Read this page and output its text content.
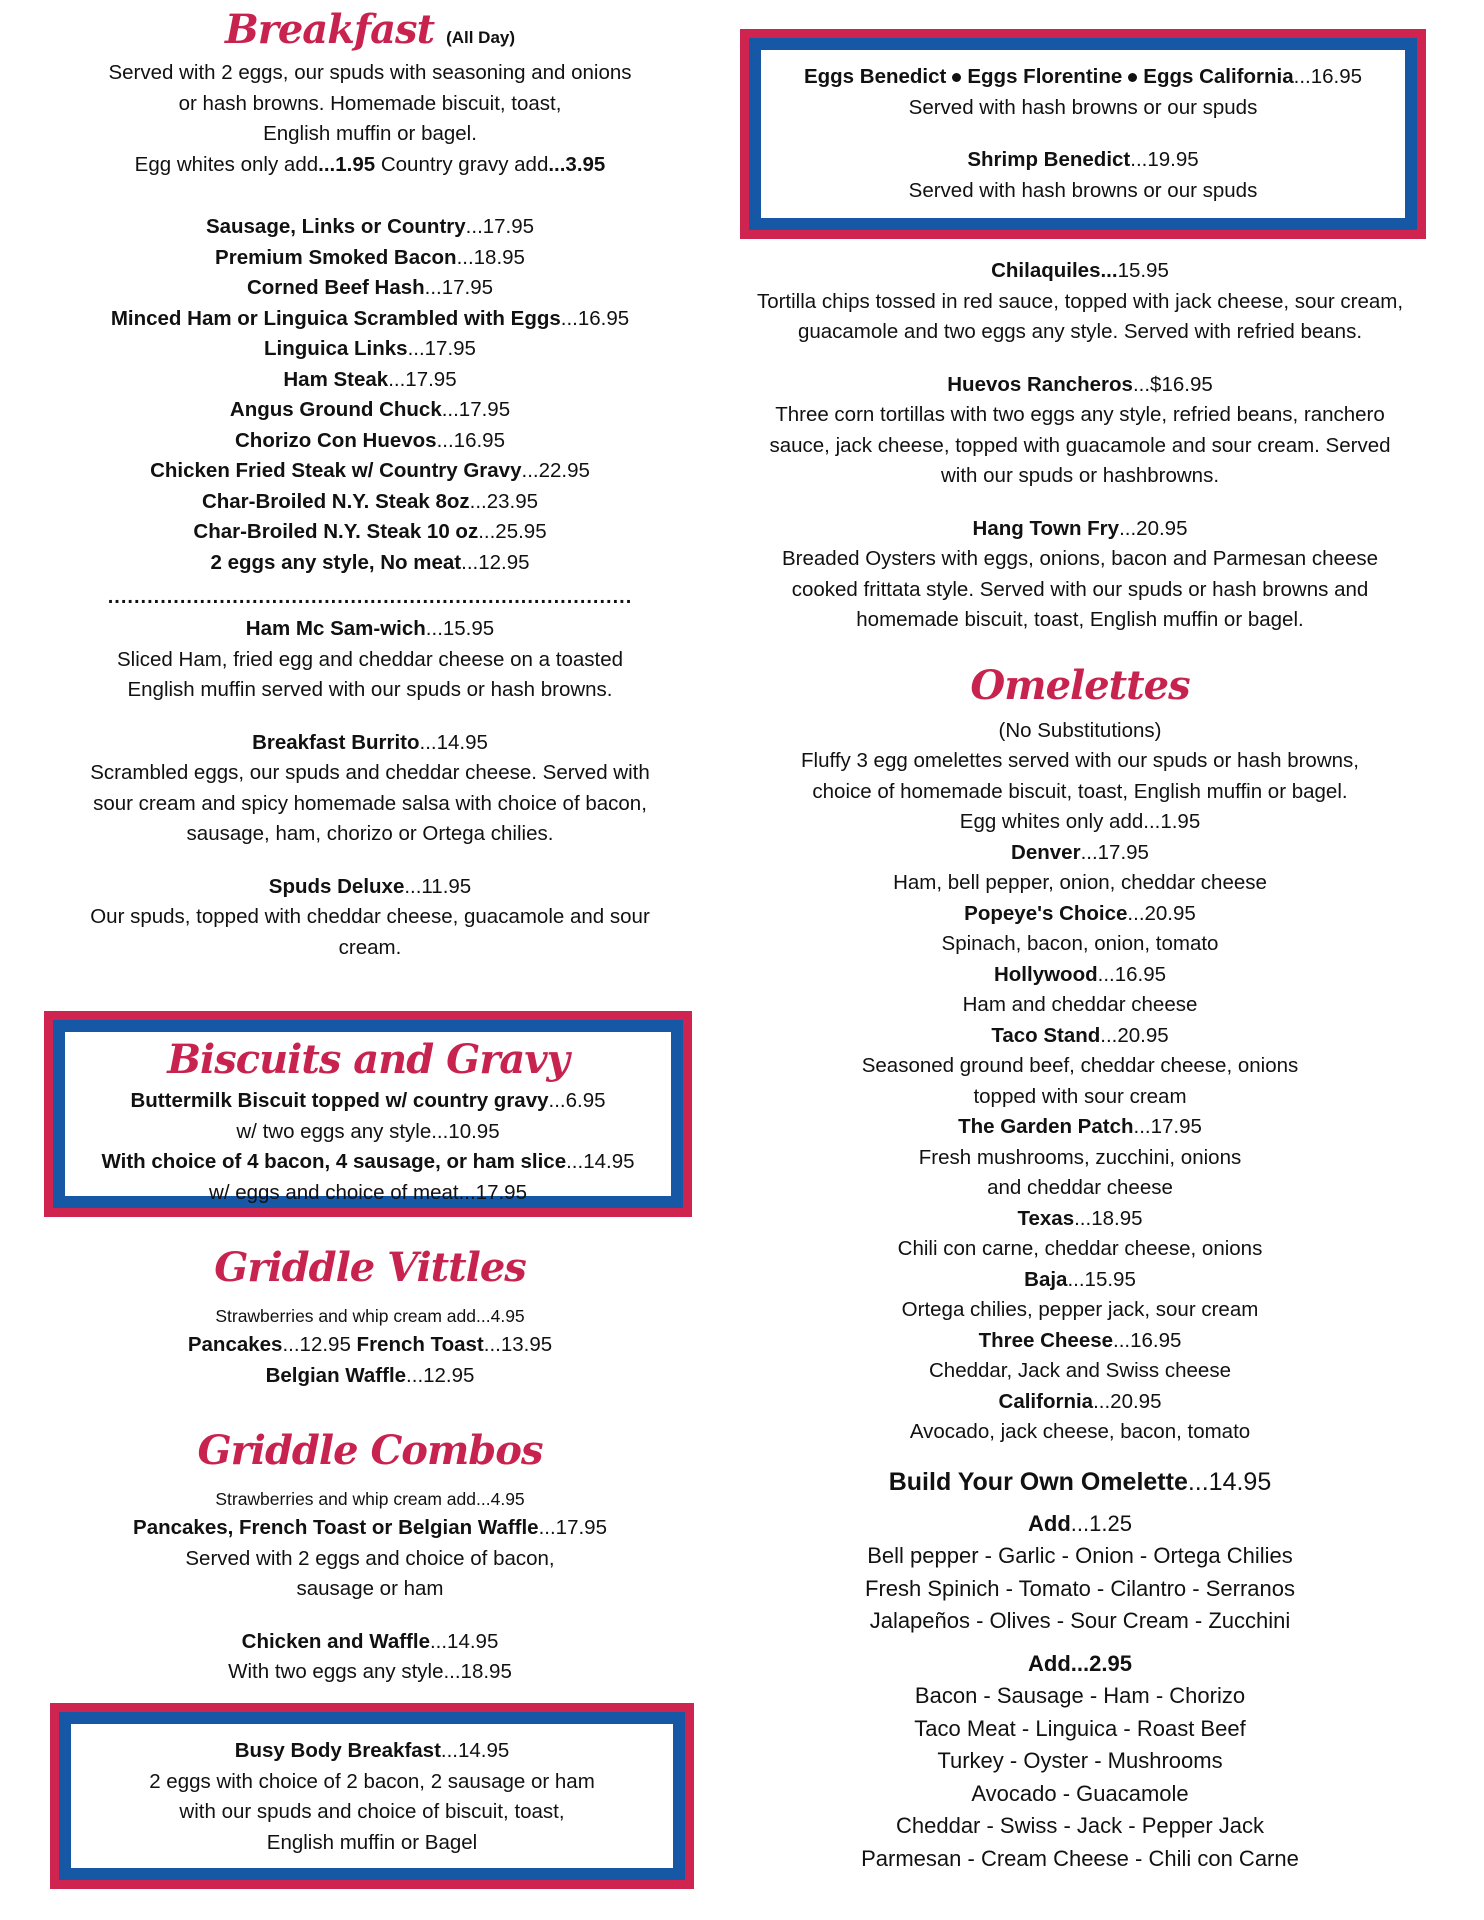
Breakfast (All Day)
Served with 2 eggs, our spuds with seasoning and onions
or hash browns. Homemade biscuit, toast,
English muffin or bagel.
Egg whites only add...1.95 Country gravy add...3.95
Sausage, Links or Country...17.95
Premium Smoked Bacon...18.95
Corned Beef Hash...17.95
Minced Ham or Linguica Scrambled with Eggs...16.95
Linguica Links...17.95
Ham Steak...17.95
Angus Ground Chuck...17.95
Chorizo Con Huevos...16.95
Chicken Fried Steak w/ Country Gravy...22.95
Char-Broiled N.Y. Steak 8oz...23.95
Char-Broiled N.Y. Steak 10 oz...25.95
2 eggs any style, No meat...12.95
................................................................................
Ham Mc Sam-wich...15.95
Sliced Ham, fried egg and cheddar cheese on a toasted
English muffin served with our spuds or hash browns.
Breakfast Burrito...14.95
Scrambled eggs, our spuds and cheddar cheese. Served with
sour cream and spicy homemade salsa with choice of bacon,
sausage, ham, chorizo or Ortega chilies.
Spuds Deluxe...11.95
Our spuds, topped with cheddar cheese, guacamole and sour
cream.
Biscuits and Gravy
Buttermilk Biscuit topped w/ country gravy...6.95
w/ two eggs any style...10.95
With choice of 4 bacon, 4 sausage, or ham slice...14.95
w/ eggs and choice of meat...17.95
Griddle Vittles
Strawberries and whip cream add...4.95
Pancakes...12.95 French Toast...13.95
Belgian Waffle...12.95
Griddle Combos
Strawberries and whip cream add...4.95
Pancakes, French Toast or Belgian Waffle...17.95
Served with 2 eggs and choice of bacon,
sausage or ham
Chicken and Waffle...14.95
With two eggs any style...18.95
Busy Body Breakfast...14.95
2 eggs with choice of 2 bacon, 2 sausage or ham
with our spuds and choice of biscuit, toast,
English muffin or Bagel
Eggs Benedict Eggs Florentine Eggs California...16.95
Served with hash browns or our spuds
Shrimp Benedict...19.95
Served with hash browns or our spuds
Chilaquiles...15.95
Tortilla chips tossed in red sauce, topped with jack cheese, sour cream,
guacamole and two eggs any style. Served with refried beans.
Huevos Rancheros...$16.95
Three corn tortillas with two eggs any style, refried beans, ranchero
sauce, jack cheese, topped with guacamole and sour cream. Served
with our spuds or hashbrowns.
Hang Town Fry...20.95
Breaded Oysters with eggs, onions, bacon and Parmesan cheese
cooked frittata style. Served with our spuds or hash browns and
homemade biscuit, toast, English muffin or bagel.
Omelettes
(No Substitutions)
Fluffy 3 egg omelettes served with our spuds or hash browns,
choice of homemade biscuit, toast, English muffin or bagel.
Egg whites only add...1.95
Denver...17.95
Ham, bell pepper, onion, cheddar cheese
Popeye's Choice...20.95
Spinach, bacon, onion, tomato
Hollywood...16.95
Ham and cheddar cheese
Taco Stand...20.95
Seasoned ground beef, cheddar cheese, onions
topped with sour cream
The Garden Patch...17.95
Fresh mushrooms, zucchini, onions
and cheddar cheese
Texas...18.95
Chili con carne, cheddar cheese, onions
Baja...15.95
Ortega chilies, pepper jack, sour cream
Three Cheese...16.95
Cheddar, Jack and Swiss cheese
California...20.95
Avocado, jack cheese, bacon, tomato
Build Your Own Omelette...14.95
Add...1.25
Bell pepper - Garlic - Onion - Ortega Chilies
Fresh Spinich - Tomato - Cilantro - Serranos
Jalapeños - Olives - Sour Cream - Zucchini
Add...2.95
Bacon - Sausage - Ham - Chorizo
Taco Meat - Linguica - Roast Beef
Turkey - Oyster - Mushrooms
Avocado - Guacamole
Cheddar - Swiss - Jack - Pepper Jack
Parmesan - Cream Cheese - Chili con Carne
